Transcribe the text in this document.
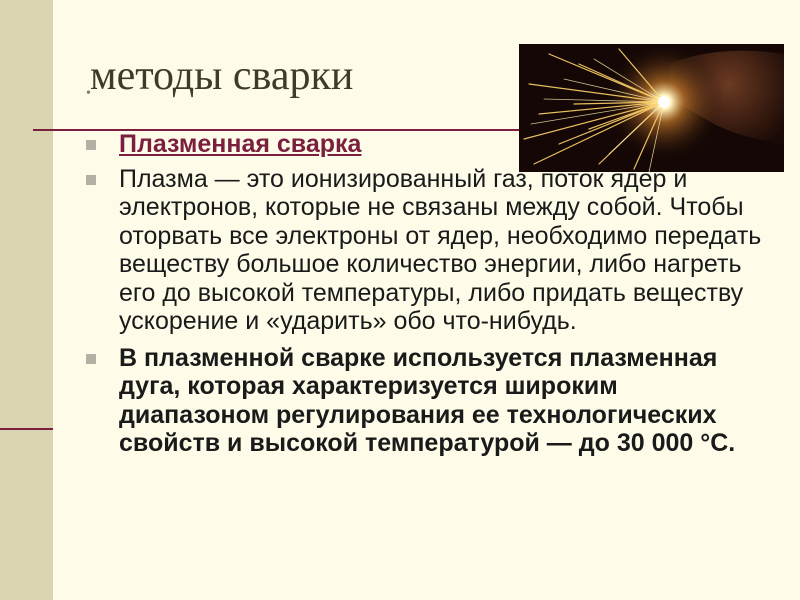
• методы сварки
Плазменная сварка
Плазма — это ионизированный газ, поток ядер и электронов, которые не связаны между собой. Чтобы оторвать все электроны от ядер, необходимо передать веществу большое количество энергии, либо нагреть его до высокой температуры, либо придать веществу ускорение и «ударить» обо что-нибудь.
В плазменной сварке используется плазменная дуга, которая характеризуется широким диапазоном регулирования ее технологических свойств и высокой температурой — до 30 000 °С.
